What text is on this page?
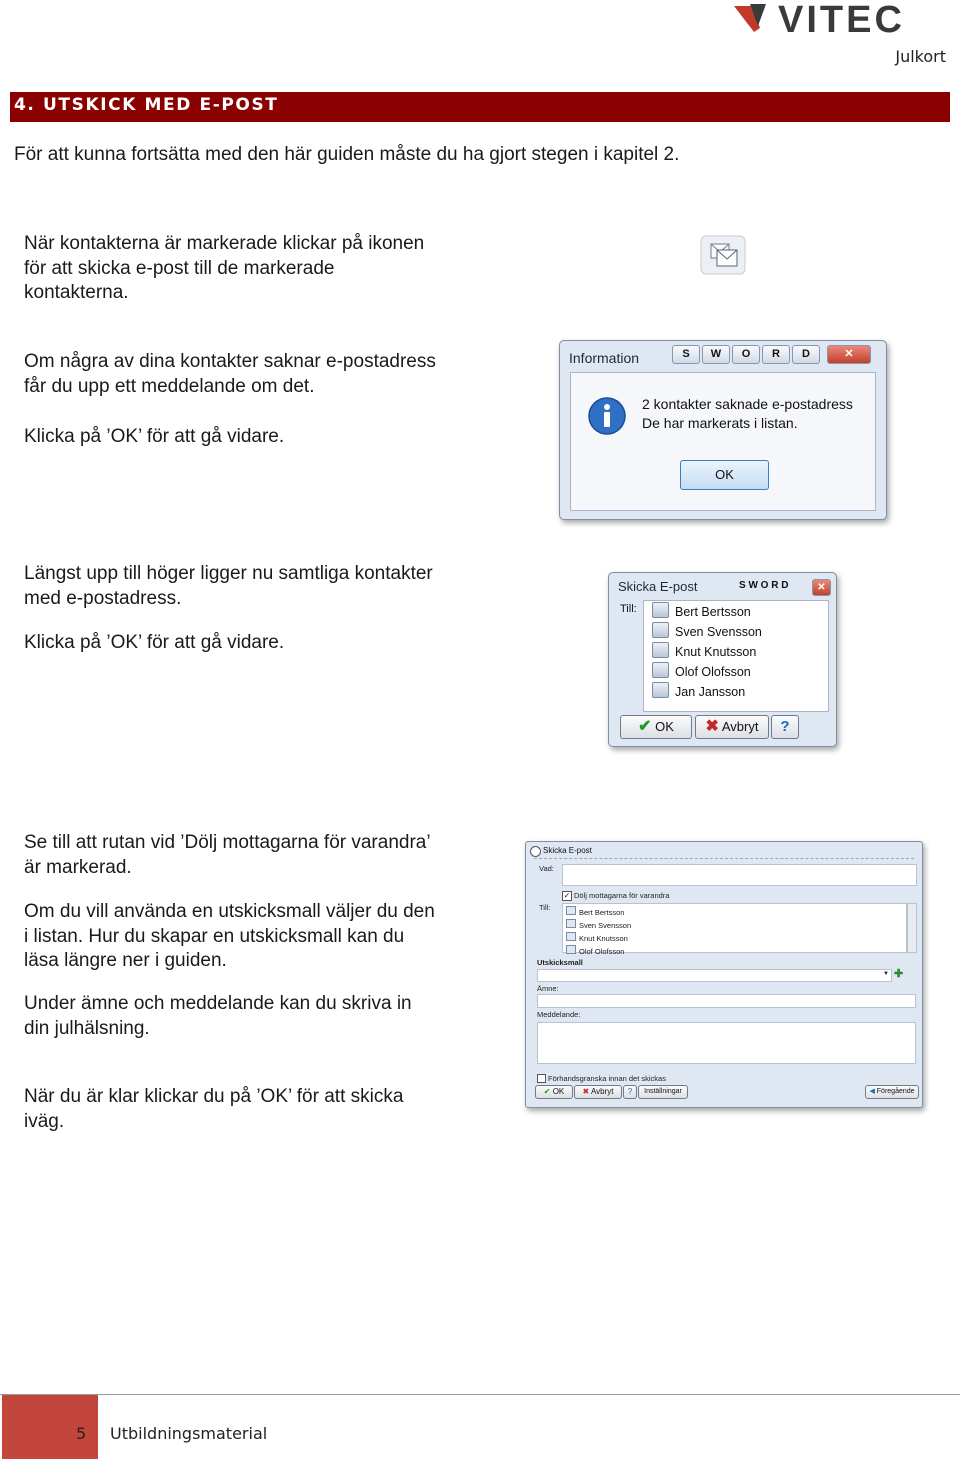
VITEC
Julkort
4. UTSKICK MED E-POST
För att kunna fortsätta med den här guiden måste du ha gjort stegen i kapitel 2.
När kontakterna är markerade klickar på ikonen
för att skicka e-post till de markerade
kontakterna.
Om några av dina kontakter saknar e-postadress
får du upp ett meddelande om det.
Klicka på ’OK’ för att gå vidare.
Information	S	W	O	R	D	✕
2 kontakter saknade e-postadress
De har markerats i listan.
OK
Längst upp till höger ligger nu samtliga kontakter
med e-postadress.
Klicka på ’OK’ för att gå vidare.
Skicka E-post	S W O R D	✕
Till:	Bert Bertsson
Sven Svensson
Knut Knutsson
Olof Olofsson
Jan Jansson
✔ OK	✖ Avbryt	?
Se till att rutan vid ’Dölj mottagarna för varandra’
är markerad.
Om du vill använda en utskicksmall väljer du den
i listan. Hur du skapar en utskicksmall kan du
läsa längre ner i guiden.
Under ämne och meddelande kan du skriva in
din julhälsning.
När du är klar klickar du på ’OK’ för att skicka
iväg.
Skicka E-post
Vad:
✓ Dölj mottagarna för varandra
Till:
Bert Bertsson
Sven Svensson
Knut Knutsson
Olof Olofsson
Utskicksmall
▼ ✚
Ämne:
Meddelande:
Förhandsgranska innan det skickas
✔ OK	✖ Avbryt	?	Inställningar	◀ Föregående
5 Utbildningsmaterial
